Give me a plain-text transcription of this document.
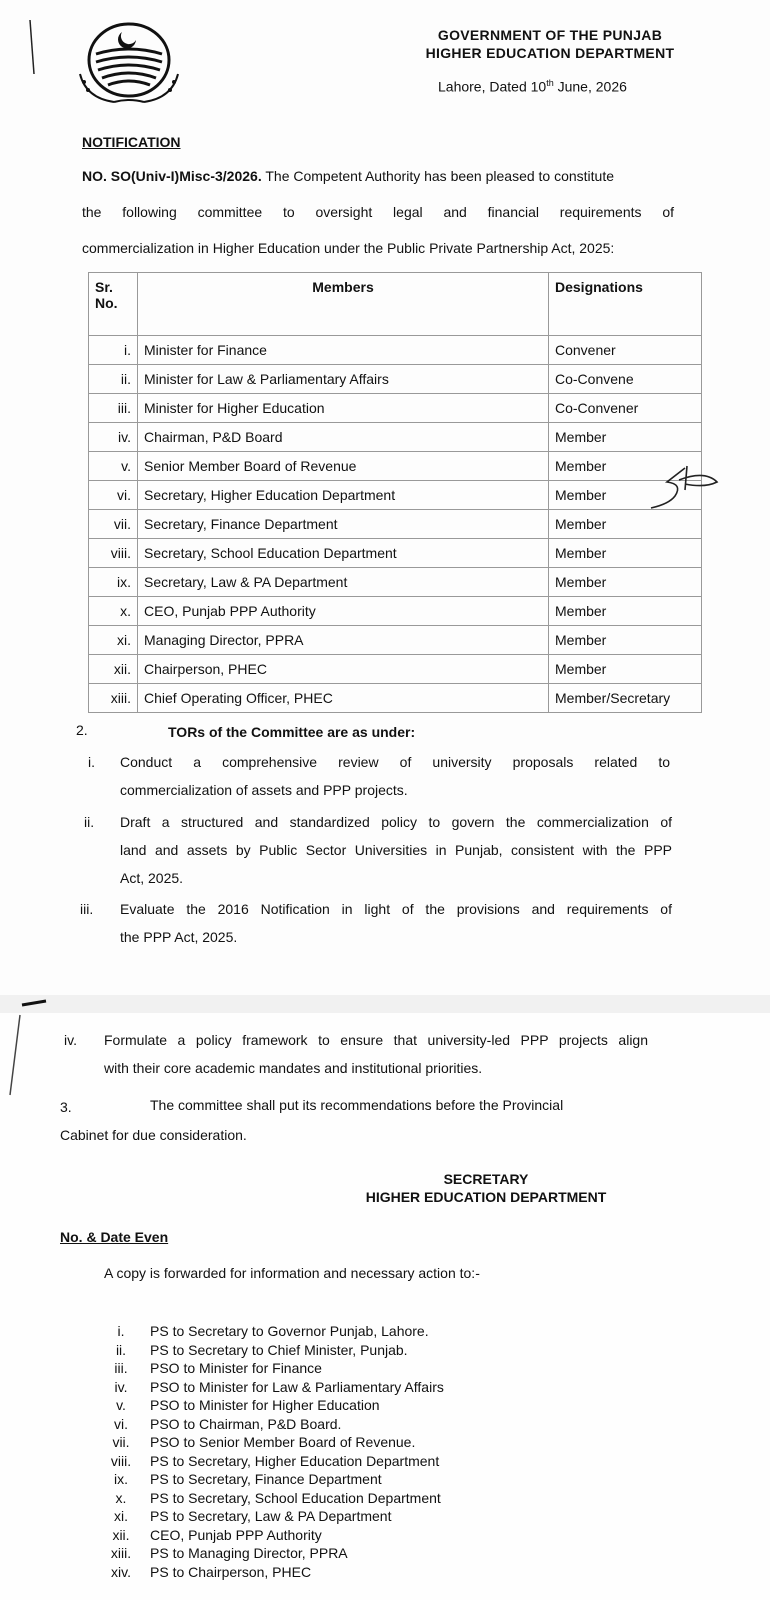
GOVERNMENT OF THE PUNJAB
HIGHER EDUCATION DEPARTMENT
Lahore, Dated 10th June, 2026
NOTIFICATION
NO. SO(Univ-I)Misc-3/2026. The Competent Authority has been pleased to constitute
the following committee to oversight legal and financial requirements of
commercialization in Higher Education under the Public Private Partnership Act, 2025:
Sr.
No.	Members	Designations
i.	Minister for Finance	Convener
ii.	Minister for Law & Parliamentary Affairs	Co-Convene
iii.	Minister for Higher Education	Co-Convener
iv.	Chairman, P&D Board	Member
v.	Senior Member Board of Revenue	Member
vi.	Secretary, Higher Education Department	Member
vii.	Secretary, Finance Department	Member
viii.	Secretary, School Education Department	Member
ix.	Secretary, Law & PA Department	Member
x.	CEO, Punjab PPP Authority	Member
xi.	Managing Director, PPRA	Member
xii.	Chairperson, PHEC	Member
xiii.	Chief Operating Officer, PHEC	Member/Secretary
2.	TORs of the Committee are as under:
i. Conduct a comprehensive review of university proposals related to
commercialization of assets and PPP projects.
ii. Draft a structured and standardized policy to govern the commercialization of
land and assets by Public Sector Universities in Punjab, consistent with the PPP
Act, 2025.
iii. Evaluate the 2016 Notification in light of the provisions and requirements of
the PPP Act, 2025.
iv. Formulate a policy framework to ensure that university-led PPP projects align
with their core academic mandates and institutional priorities.
3.	The committee shall put its recommendations before the Provincial
Cabinet for due consideration.
SECRETARY
HIGHER EDUCATION DEPARTMENT
No. & Date Even
A copy is forwarded for information and necessary action to:-
i.	PS to Secretary to Governor Punjab, Lahore.
ii.	PS to Secretary to Chief Minister, Punjab.
iii.	PSO to Minister for Finance
iv.	PSO to Minister for Law & Parliamentary Affairs
v.	PSO to Minister for Higher Education
vi.	PSO to Chairman, P&D Board.
vii.	PSO to Senior Member Board of Revenue.
viii.	PS to Secretary, Higher Education Department
ix.	PS to Secretary, Finance Department
x.	PS to Secretary, School Education Department
xi.	PS to Secretary, Law & PA Department
xii.	CEO, Punjab PPP Authority
xiii.	PS to Managing Director, PPRA
xiv.	PS to Chairperson, PHEC
